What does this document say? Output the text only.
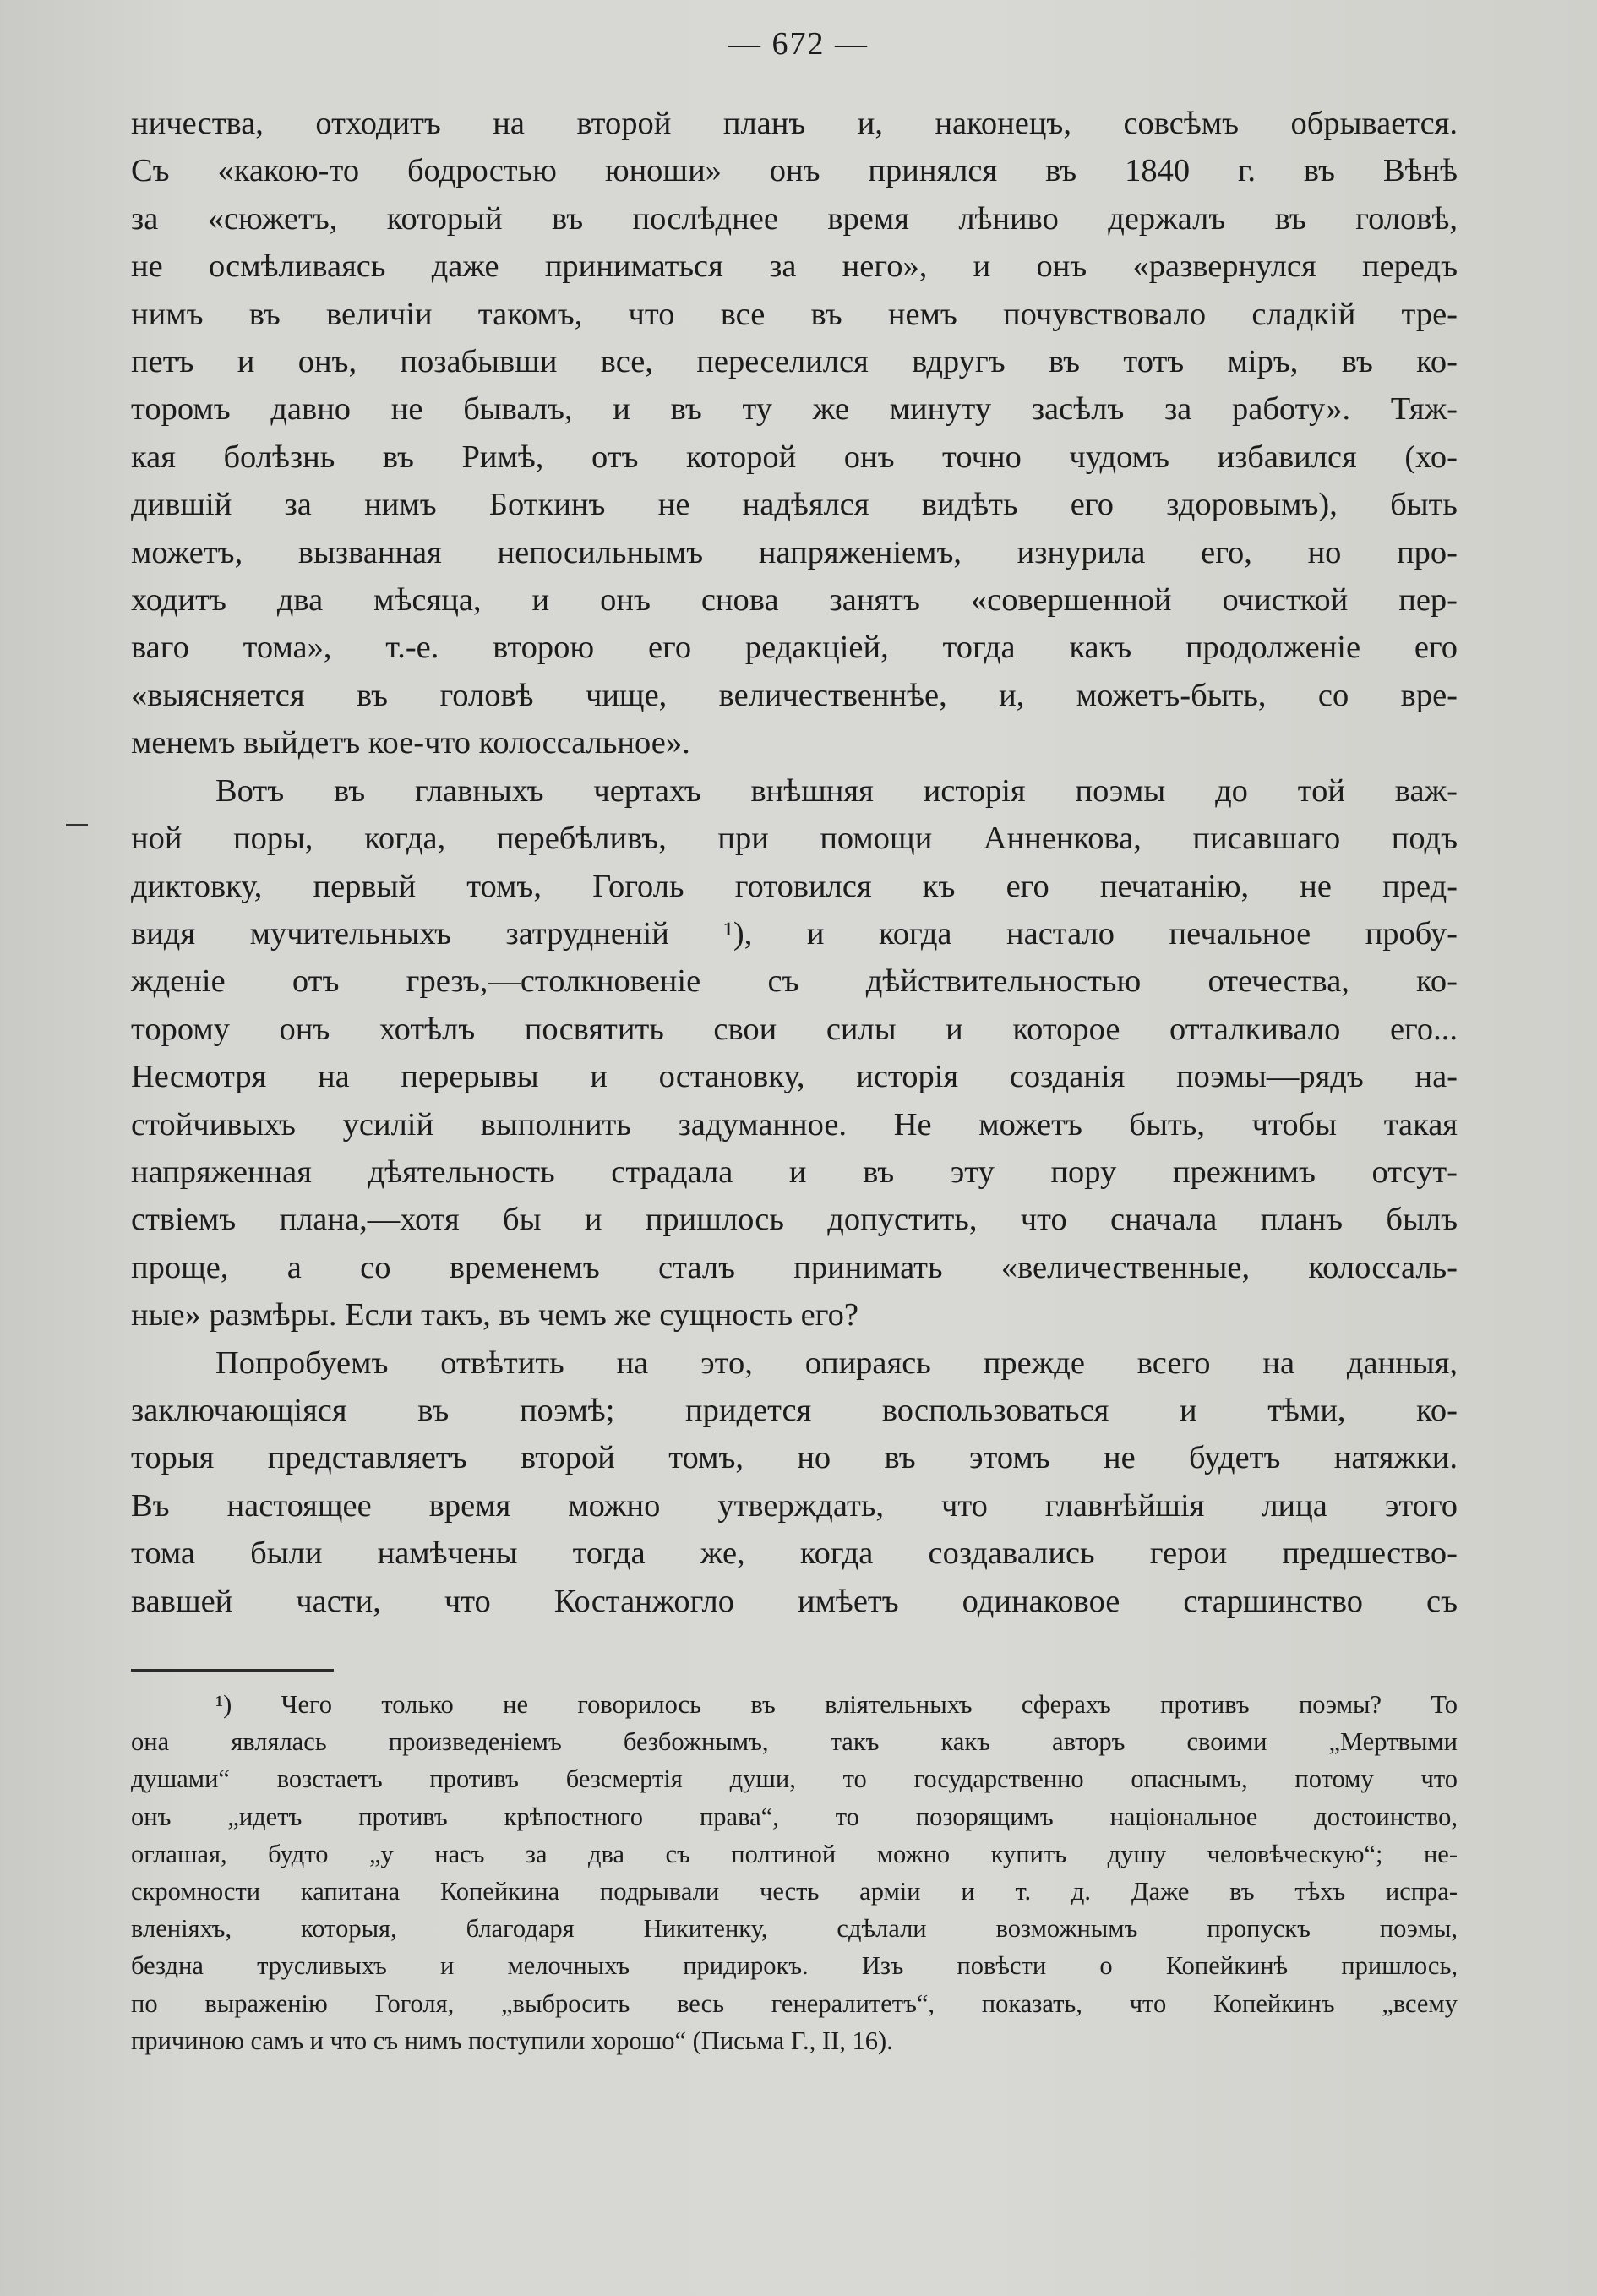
— 672 —

ничества, отходитъ на второй планъ и, наконецъ, совсѣмъ обрывается.
Съ «какою-то бодростью юноши» онъ принялся въ 1840 г. въ Вѣнѣ
за «сюжетъ, который въ послѣднее время лѣниво держалъ въ головѣ,
не осмѣливаясь даже приниматься за него», и онъ «развернулся передъ
нимъ въ величіи такомъ, что все въ немъ почувствовало сладкій тре-
петъ и онъ, позабывши все, переселился вдругъ въ тотъ міръ, въ ко-
торомъ давно не бывалъ, и въ ту же минуту засѣлъ за работу». Тяж-
кая болѣзнь въ Римѣ, отъ которой онъ точно чудомъ избавился (хо-
дившій за нимъ Боткинъ не надѣялся видѣть его здоровымъ), быть
можетъ, вызванная непосильнымъ напряженіемъ, изнурила его, но про-
ходитъ два мѣсяца, и онъ снова занятъ «совершенной очисткой пер-
ваго тома», т.-е. второю его редакціей, тогда какъ продолженіе его
«выясняется въ головѣ чище, величественнѣе, и, можетъ-быть, со вре-
менемъ выйдетъ кое-что колоссальное».

Вотъ въ главныхъ чертахъ внѣшняя исторія поэмы до той важ-
ной поры, когда, перебѣливъ, при помощи Анненкова, писавшаго подъ
диктовку, первый томъ, Гоголь готовился къ его печатанію, не пред-
видя мучительныхъ затрудненій ¹), и когда настало печальное пробу-
жденіе отъ грезъ,—столкновеніе съ дѣйствительностью отечества, ко-
торому онъ хотѣлъ посвятить свои силы и которое отталкивало его...
Несмотря на перерывы и остановку, исторія созданія поэмы—рядъ на-
стойчивыхъ усилій выполнить задуманное. Не можетъ быть, чтобы такая
напряженная дѣятельность страдала и въ эту пору прежнимъ отсут-
ствіемъ плана,—хотя бы и пришлось допустить, что сначала планъ былъ
проще, а со временемъ сталъ принимать «величественные, колоссаль-
ные» размѣры. Если такъ, въ чемъ же сущность его?

Попробуемъ отвѣтить на это, опираясь прежде всего на данныя,
заключающіяся въ поэмѣ; придется воспользоваться и тѣми, ко-
торыя представляетъ второй томъ, но въ этомъ не будетъ натяжки.
Въ настоящее время можно утверждать, что главнѣйшія лица этого
тома были намѣчены тогда же, когда создавались герои предшество-
вавшей части, что Костанжогло имѣетъ одинаковое старшинство съ

¹) Чего только не говорилось въ вліятельныхъ сферахъ противъ поэмы? То
она являлась произведеніемъ безбожнымъ, такъ какъ авторъ своими „Мертвыми
душами“ возстаетъ противъ безсмертія души, то государственно опаснымъ, потому что
онъ „идетъ противъ крѣпостного права“, то позорящимъ національное достоинство,
оглашая, будто „у насъ за два съ полтиной можно купить душу человѣческую“; не-
скромности капитана Копейкина подрывали честь арміи и т. д. Даже въ тѣхъ испра-
вленіяхъ, которыя, благодаря Никитенку, сдѣлали возможнымъ пропускъ поэмы,
бездна трусливыхъ и мелочныхъ придирокъ. Изъ повѣсти о Копейкинѣ пришлось,
по выраженію Гоголя, „выбросить весь генералитетъ“, показать, что Копейкинъ „всему
причиною самъ и что съ нимъ поступили хорошо“ (Письма Г., II, 16).
